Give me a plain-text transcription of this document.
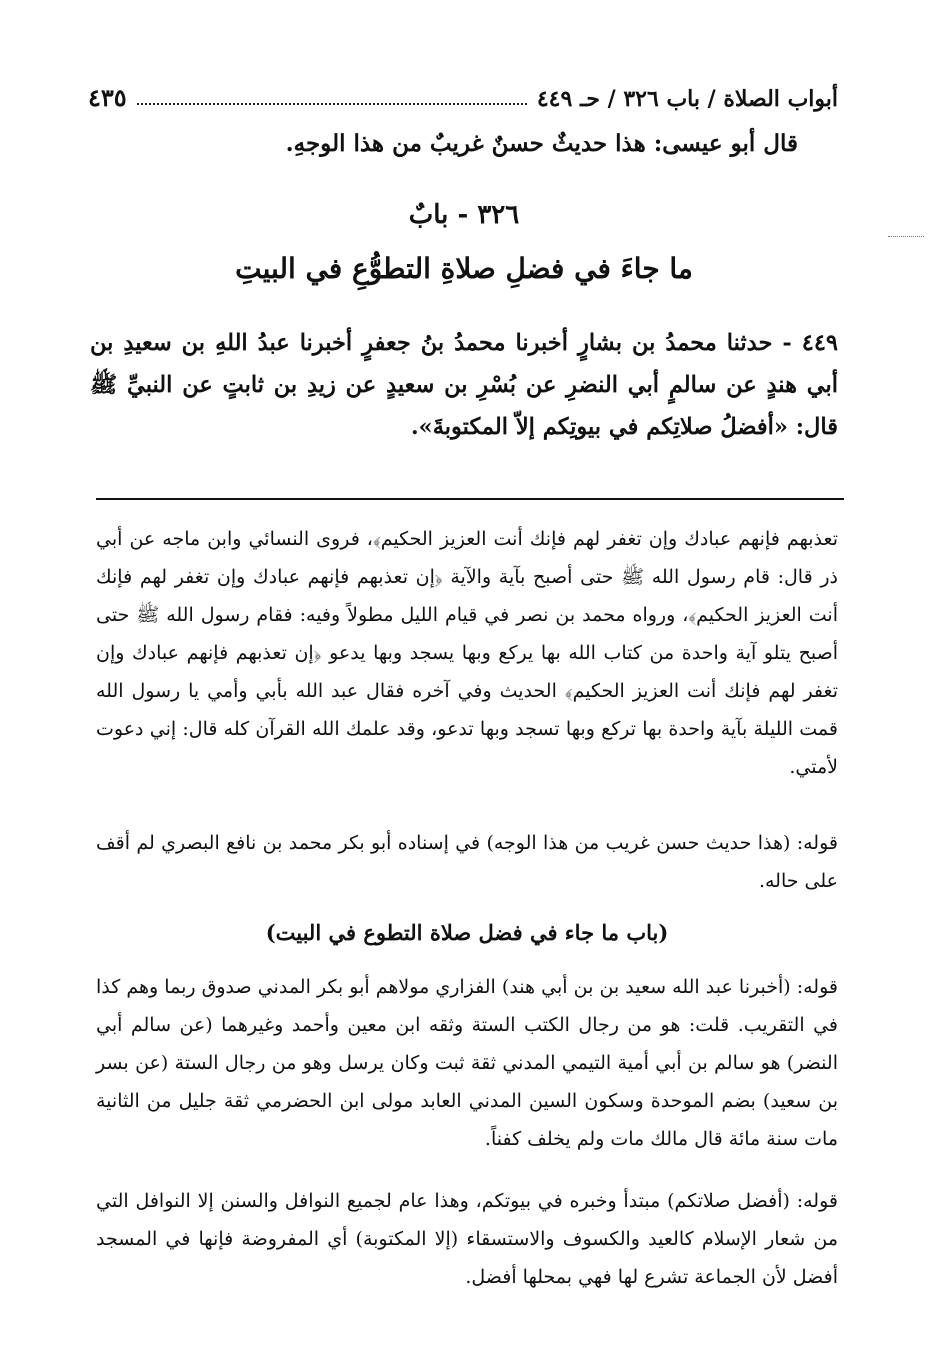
أبواب الصلاة / باب ٣٢٦ / حـ ٤٤٩
٤٣٥
قال أبو عيسى: هذا حديثٌ حسنٌ غريبٌ من هذا الوجهِ.
٣٢٦ - بابٌ
ما جاءَ في فضلِ صلاةِ التطوُّعِ في البيتِ
٤٤٩ - حدثنا محمدُ بن بشارٍ أخبرنا محمدُ بنُ جعفرٍ أخبرنا عبدُ اللهِ بن سعيدِ بن أبي هندٍ عن سالمٍ أبي النضرِ عن بُسْرِ بن سعيدٍ عن زيدِ بن ثابتٍ عن النبيِّ ﷺ قال: «أفضلُ صلاتِكم في بيوتِكم إلاّ المكتوبةَ».
تعذبهم فإنهم عبادك وإن تغفر لهم فإنك أنت العزيز الحكيم﴾، فروى النسائي وابن ماجه عن أبي ذر قال: قام رسول الله ﷺ حتى أصبح بآية والآية ﴿إن تعذبهم فإنهم عبادك وإن تغفر لهم فإنك أنت العزيز الحكيم﴾، ورواه محمد بن نصر في قيام الليل مطولاً وفيه: فقام رسول الله ﷺ حتى أصبح يتلو آية واحدة من كتاب الله بها يركع وبها يسجد وبها يدعو ﴿إن تعذبهم فإنهم عبادك وإن تغفر لهم فإنك أنت العزيز الحكيم﴾ الحديث وفي آخره فقال عبد الله بأبي وأمي يا رسول الله قمت الليلة بآية واحدة بها تركع وبها تسجد وبها تدعو، وقد علمك الله القرآن كله قال: إني دعوت لأمتي.
قوله: (هذا حديث حسن غريب من هذا الوجه) في إسناده أبو بكر محمد بن نافع البصري لم أقف على حاله.
(باب ما جاء في فضل صلاة التطوع في البيت)
قوله: (أخبرنا عبد الله سعيد بن بن أبي هند) الفزاري مولاهم أبو بكر المدني صدوق ربما وهم كذا في التقريب. قلت: هو من رجال الكتب الستة وثقه ابن معين وأحمد وغيرهما (عن سالم أبي النضر) هو سالم بن أبي أمية التيمي المدني ثقة ثبت وكان يرسل وهو من رجال الستة (عن بسر بن سعيد) بضم الموحدة وسكون السين المدني العابد مولى ابن الحضرمي ثقة جليل من الثانية مات سنة مائة قال مالك مات ولم يخلف كفناً.
قوله: (أفضل صلاتكم) مبتدأ وخبره في بيوتكم، وهذا عام لجميع النوافل والسنن إلا النوافل التي من شعار الإسلام كالعيد والكسوف والاستسقاء (إلا المكتوبة) أي المفروضة فإنها في المسجد أفضل لأن الجماعة تشرع لها فهي بمحلها أفضل.
